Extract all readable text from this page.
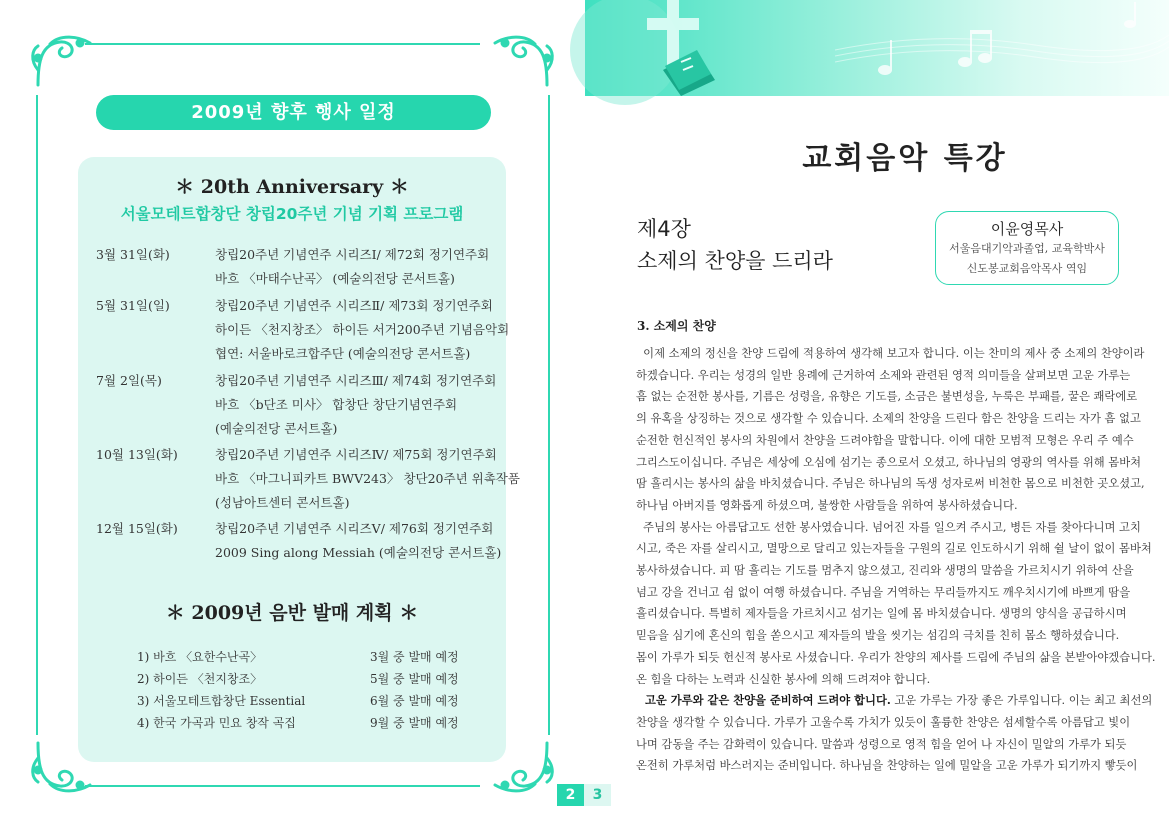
2009년 향후 행사 일정
＊ 20th Anniversary ＊
서울모테트합창단 창립20주년 기념 기획 프로그램
3월 31일(화)	창립20주년 기념연주 시리즈Ⅰ/ 제72회 정기연주회
바흐 〈마태수난곡〉 (예술의전당 콘서트홀)
5월 31일(일)	창립20주년 기념연주 시리즈Ⅱ/ 제73회 정기연주회
하이든 〈천지창조〉 하이든 서거200주년 기념음악회
협연: 서울바로크합주단 (예술의전당 콘서트홀)
7월 2일(목)	창립20주년 기념연주 시리즈Ⅲ/ 제74회 정기연주회
바흐 〈b단조 미사〉 합창단 창단기념연주회
(예술의전당 콘서트홀)
10월 13일(화)	창립20주년 기념연주 시리즈Ⅳ/ 제75회 정기연주회
바흐 〈마그니피카트 BWV243〉 창단20주년 위촉작품
(성남아트센터 콘서트홀)
12월 15일(화)	창립20주년 기념연주 시리즈Ⅴ/ 제76회 정기연주회
2009 Sing along Messiah (예술의전당 콘서트홀)
＊ 2009년 음반 발매 계획 ＊
1) 바흐 〈요한수난곡〉	3월 중 발매 예정
2) 하이든 〈천지창조〉	5월 중 발매 예정
3) 서울모테트합창단 Essential	6월 중 발매 예정
4) 한국 가곡과 민요 창작 곡집	9월 중 발매 예정
2	3
교회음악 특강
제4장
소제의 찬양을 드리라
이윤영목사
서울음대기악과졸업, 교육학박사
신도봉교회음악목사 역임
3. 소제의 찬양
이제 소제의 정신을 찬양 드림에 적용하여 생각해 보고자 합니다. 이는 찬미의 제사 중 소제의 찬양이라
하겠습니다. 우리는 성경의 일반 용례에 근거하여 소제와 관련된 영적 의미들을 살펴보면 고운 가루는
흠 없는 순전한 봉사를, 기름은 성령을, 유향은 기도를, 소금은 불변성을, 누룩은 부패를, 꿀은 쾌락에로
의 유혹을 상징하는 것으로 생각할 수 있습니다. 소제의 찬양을 드린다 함은 찬양을 드리는 자가 흠 없고
순전한 헌신적인 봉사의 차원에서 찬양을 드려야함을 말합니다. 이에 대한 모범적 모형은 우리 주 예수
그리스도이십니다. 주님은 세상에 오심에 섬기는 종으로서 오셨고, 하나님의 영광의 역사를 위해 몸바쳐
땀 흘리시는 봉사의 삶을 바치셨습니다. 주님은 하나님의 독생 성자로써 비천한 몸으로 비천한 곳오셨고,
하나님 아버지를 영화롭게 하셨으며, 불쌍한 사람들을 위하여 봉사하셨습니다.
주님의 봉사는 아름답고도 선한 봉사였습니다. 넘어진 자를 일으켜 주시고, 병든 자를 찾아다니며 고치
시고, 죽은 자를 살리시고, 멸망으로 달리고 있는자들을 구원의 길로 인도하시기 위해 쉴 날이 없이 몸바쳐
봉사하셨습니다. 피 땀 흘리는 기도를 멈추지 않으셨고, 진리와 생명의 말씀을 가르치시기 위하여 산을
넘고 강을 건너고 쉼 없이 여행 하셨습니다. 주님을 거역하는 무리들까지도 깨우치시기에 바쁘게 땀을
흘리셨습니다. 특별히 제자들을 가르치시고 섬기는 일에 몸 바치셨습니다. 생명의 양식을 공급하시며
믿음을 심기에 혼신의 힘을 쏟으시고 제자들의 발을 씻기는 섬김의 극치를 친히 몸소 행하셨습니다.
몸이 가루가 되듯 헌신적 봉사로 사셨습니다. 우리가 찬양의 제사를 드림에 주님의 삶을 본받아야겠습니다.
온 힘을 다하는 노력과 신실한 봉사에 의해 드려져야 합니다.
고운 가루와 같은 찬양을 준비하여 드려야 합니다. 고운 가루는 가장 좋은 가루입니다. 이는 최고 최선의
찬양을 생각할 수 있습니다. 가루가 고울수록 가치가 있듯이 훌륭한 찬양은 섬세할수록 아름답고 빛이
나며 감동을 주는 감화력이 있습니다. 말씀과 성령으로 영적 힘을 얻어 나 자신이 밀알의 가루가 되듯
온전히 가루처럼 바스러지는 준비입니다. 하나님을 찬양하는 일에 밀알을 고운 가루가 되기까지 빻듯이
